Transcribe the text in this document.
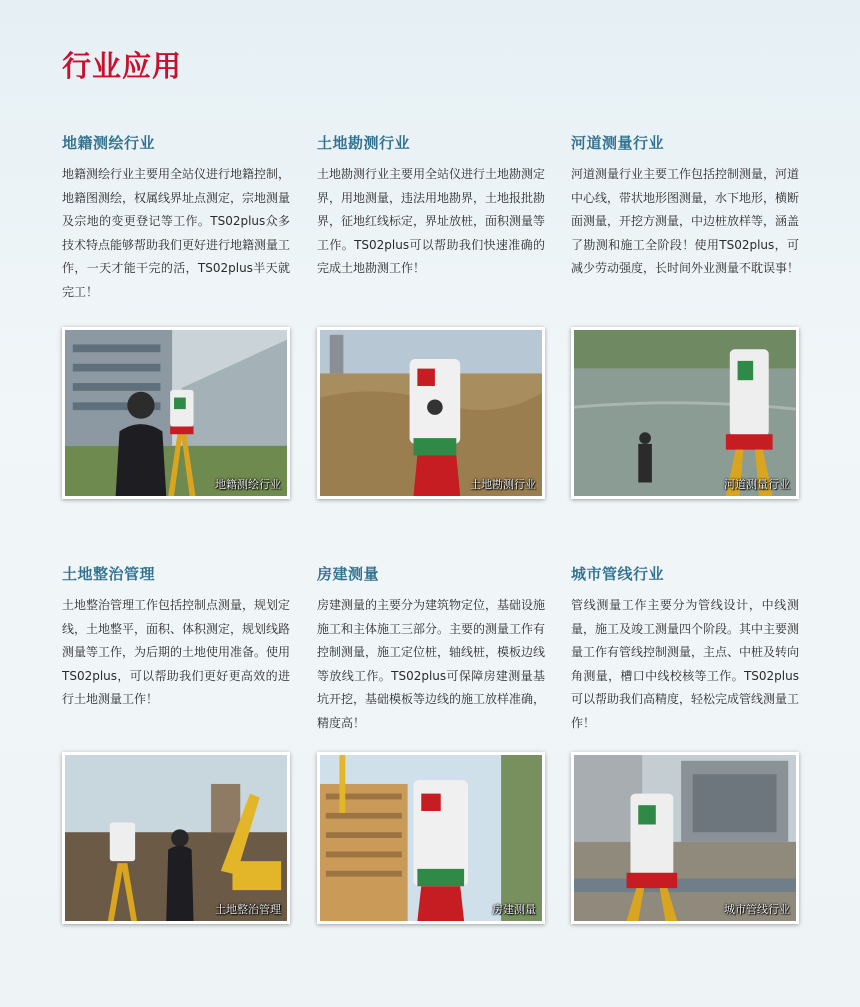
行业应用
地籍测绘行业

地籍测绘行业主要用全站仪进行地籍控制，地籍图测绘，权属线界址点测定，宗地测量及宗地的变更登记等工作。TS02plus众多技术特点能够帮助我们更好进行地籍测量工作，一天才能干完的活，TS02plus半天就完工！

土地勘测行业

土地勘测行业主要用全站仪进行土地勘测定界，用地测量，违法用地勘界，土地报批勘界，征地红线标定，界址放桩，面积测量等工作。TS02plus可以帮助我们快速准确的完成土地勘测工作！

河道测量行业

河道测量行业主要工作包括控制测量，河道中心线，带状地形图测量，水下地形，横断面测量，开挖方测量，中边桩放样等，涵盖了勘测和施工全阶段！使用TS02plus，可减少劳动强度，长时间外业测量不耽误事！

地籍测绘行业	土地勘测行业	河道测量行业
土地整治管理

土地整治管理工作包括控制点测量，规划定线，土地整平，面积、体积测定，规划线路测量等工作，为后期的土地使用准备。使用TS02plus，可以帮助我们更好更高效的进行土地测量工作！

房建测量

房建测量的主要分为建筑物定位，基础设施施工和主体施工三部分。主要的测量工作有控制测量，施工定位桩，轴线桩，模板边线等放线工作。TS02plus可保障房建测量基坑开挖，基础模板等边线的施工放样准确，精度高！

城市管线行业

管线测量工作主要分为管线设计，中线测量，施工及竣工测量四个阶段。其中主要测量工作有管线控制测量，主点、中桩及转向角测量，槽口中线校核等工作。TS02plus可以帮助我们高精度，轻松完成管线测量工作！

土地整治管理	房建测量	城市管线行业
